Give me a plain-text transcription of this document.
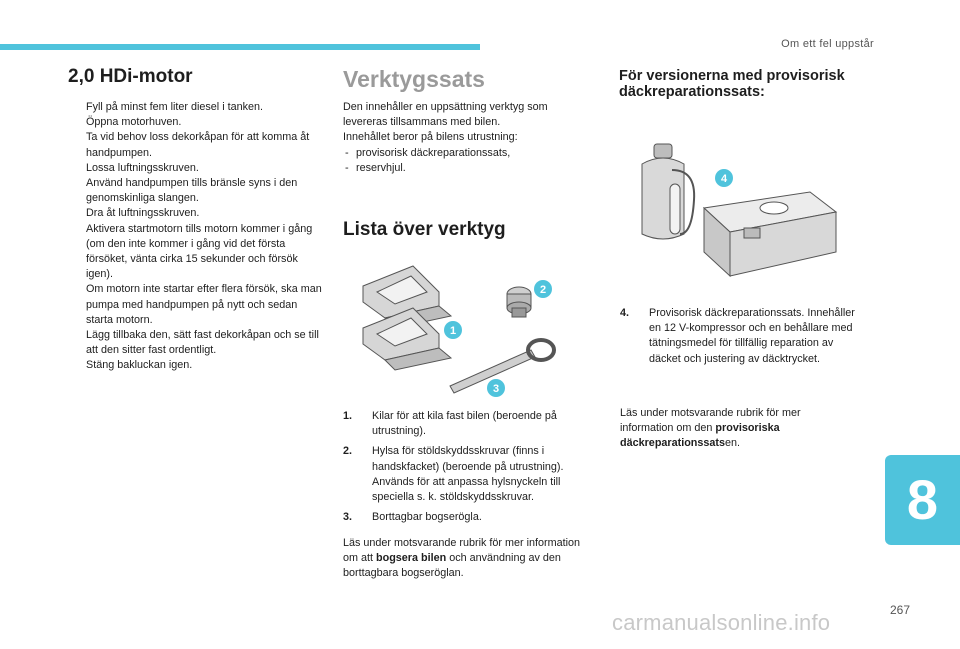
Om ett fel uppstår
2,0 HDi-motor
Fyll på minst fem liter diesel i tanken.
Öppna motorhuven.
Ta vid behov loss dekorkåpan för att komma åt handpumpen.
Lossa luftningsskruven.
Använd handpumpen tills bränsle syns i den genomskinliga slangen.
Dra åt luftningsskruven.
Aktivera startmotorn tills motorn kommer i gång (om den inte kommer i gång vid det första försöket, vänta cirka 15 sekunder och försök igen).
Om motorn inte startar efter flera försök, ska man pumpa med handpumpen på nytt och sedan starta motorn.
Lägg tillbaka den, sätt fast dekorkåpan och se till att den sitter fast ordentligt.
Stäng bakluckan igen.
Verktygssats
Den innehåller en uppsättning verktyg som levereras tillsammans med bilen.
Innehållet beror på bilens utrustning:
- provisorisk däckreparationssats,
- reservhjul.
Lista över verktyg
1
2
3
1. Kilar för att kila fast bilen (beroende på utrustning).
2. Hylsa för stöldskyddsskruvar (finns i handskfacket) (beroende på utrustning). Används för att anpassa hylsnyckeln till speciella s. k. stöldskyddsskruvar.
3. Borttagbar bogserögla.
Läs under motsvarande rubrik för mer information om att bogsera bilen och användning av den borttagbara bogseröglan.
För versionerna med provisorisk däckreparationssats:
4
4. Provisorisk däckreparationssats. Innehåller en 12 V-kompressor och en behållare med tätningsmedel för tillfällig reparation av däcket och justering av däcktrycket.
Läs under motsvarande rubrik för mer information om den provisoriska däckreparationssatsen.
8
267
carmanualsonline.info
